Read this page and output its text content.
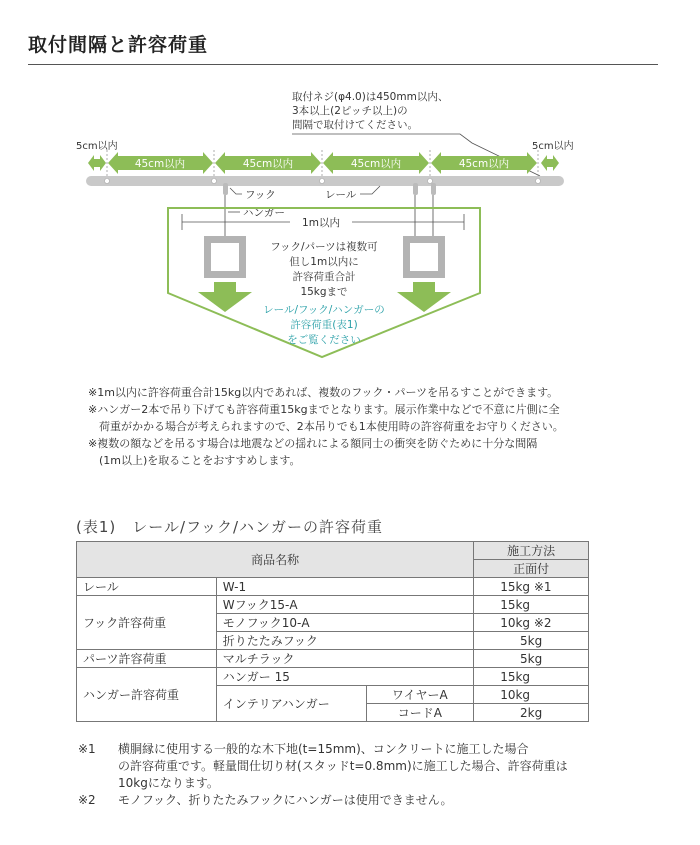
取付間隔と許容荷重
取付ネジ(φ4.0)は450mm以内、
3本以上(2ピッチ以上)の
間隔で取付けてください。
5cm以内	5cm以内
45cm以内	45cm以内	45cm以内	45cm以内
フック	レール
ハンガー
1m以内
フック/パーツは複数可
但し1m以内に
許容荷重合計
15kgまで
レール/フック/ハンガーの
許容荷重(表1)
をご覧ください

※1m以内に許容荷重合計15kg以内であれば、複数のフック・パーツを吊るすことができます。

※ハンガー2本で吊り下げても許容荷重15kgまでとなります。展示作業中などで不意に片側に全

荷重がかかる場合が考えられますので、2本吊りでも1本使用時の許容荷重をお守りください。

※複数の額などを吊るす場合は地震などの揺れによる額同士の衝突を防ぐために十分な間隔

(1m以上)を取ることをおすすめします。

(表1)　レール/フック/ハンガーの許容荷重
商品名称			施工方法
			正面付
レール	W-1		15kg ※1
フック許容荷重	Wフック15-A		15kg
	モノフック10-A		10kg ※2
	折りたたみフック		5kg
パーツ許容荷重	マルチラック		5kg
ハンガー許容荷重	ハンガー 15		15kg
	インテリアハンガー	ワイヤーA	10kg
		コードA	2kg
※1	横胴縁に使用する一般的な木下地(t=15mm)、コンクリートに施工した場合
の許容荷重です。軽量間仕切り材(スタッドt=0.8mm)に施工した場合、許容荷重は
10kgになります。
※2	モノフック、折りたたみフックにハンガーは使用できません。
